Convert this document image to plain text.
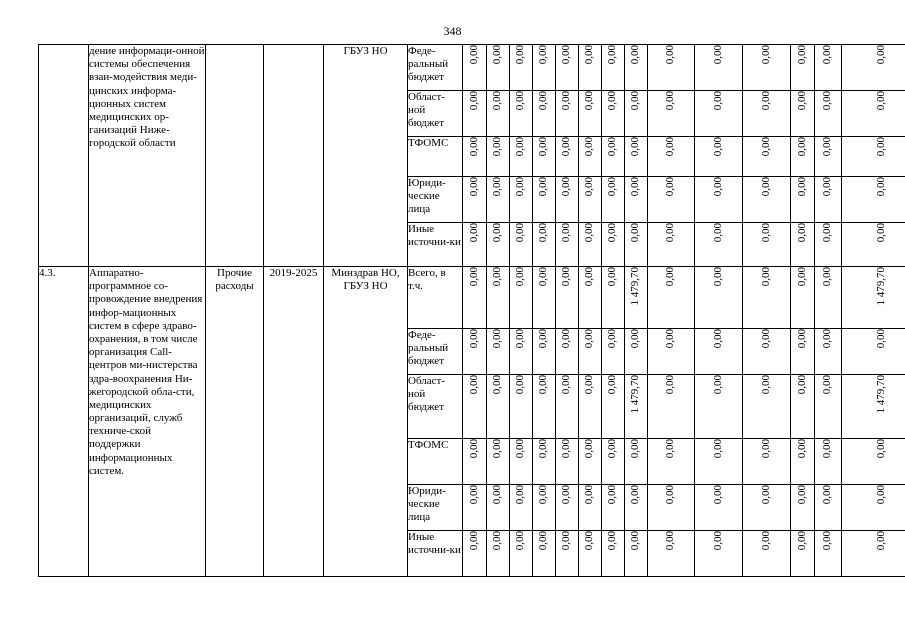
348
	дение информаци-онной системы обеспечения взаи-модействия меди-цинских информа-ционных систем медицинских ор-ганизаций Ниже-городской области			ГБУЗ НО	Феде-ральный бюджет	0,00	0,00	0,00	0,00	0,00	0,00	0,00	0,00	0,00	0,00	0,00	0,00	0,00	0,00
					Област-ной бюджет	0,00	0,00	0,00	0,00	0,00	0,00	0,00	0,00	0,00	0,00	0,00	0,00	0,00	0,00
					ТФОМС	0,00	0,00	0,00	0,00	0,00	0,00	0,00	0,00	0,00	0,00	0,00	0,00	0,00	0,00
					Юриди-ческие лица	0,00	0,00	0,00	0,00	0,00	0,00	0,00	0,00	0,00	0,00	0,00	0,00	0,00	0,00
					Иные источни-ки	0,00	0,00	0,00	0,00	0,00	0,00	0,00	0,00	0,00	0,00	0,00	0,00	0,00	0,00
4.3.	Аппаратно-программное со-провождение внедрения инфор-мационных систем в сфере здраво-охранения, в том числе организация Call-центров ми-нистерства здра-воохранения Ни-жегородской обла-сти, медицинских организаций, служб техниче-ской поддержки информационных систем.	Прочие расходы	2019-2025	Минздрав НО, ГБУЗ НО	Всего, в т.ч.	0,00	0,00	0,00	0,00	0,00	0,00	0,00	1 479,70	0,00	0,00	0,00	0,00	0,00	1 479,70
					Феде-ральный бюджет	0,00	0,00	0,00	0,00	0,00	0,00	0,00	0,00	0,00	0,00	0,00	0,00	0,00	0,00
					Област-ной бюджет	0,00	0,00	0,00	0,00	0,00	0,00	0,00	1 479,70	0,00	0,00	0,00	0,00	0,00	1 479,70
					ТФОМС	0,00	0,00	0,00	0,00	0,00	0,00	0,00	0,00	0,00	0,00	0,00	0,00	0,00	0,00
					Юриди-ческие лица	0,00	0,00	0,00	0,00	0,00	0,00	0,00	0,00	0,00	0,00	0,00	0,00	0,00	0,00
					Иные источни-ки	0,00	0,00	0,00	0,00	0,00	0,00	0,00	0,00	0,00	0,00	0,00	0,00	0,00	0,00
